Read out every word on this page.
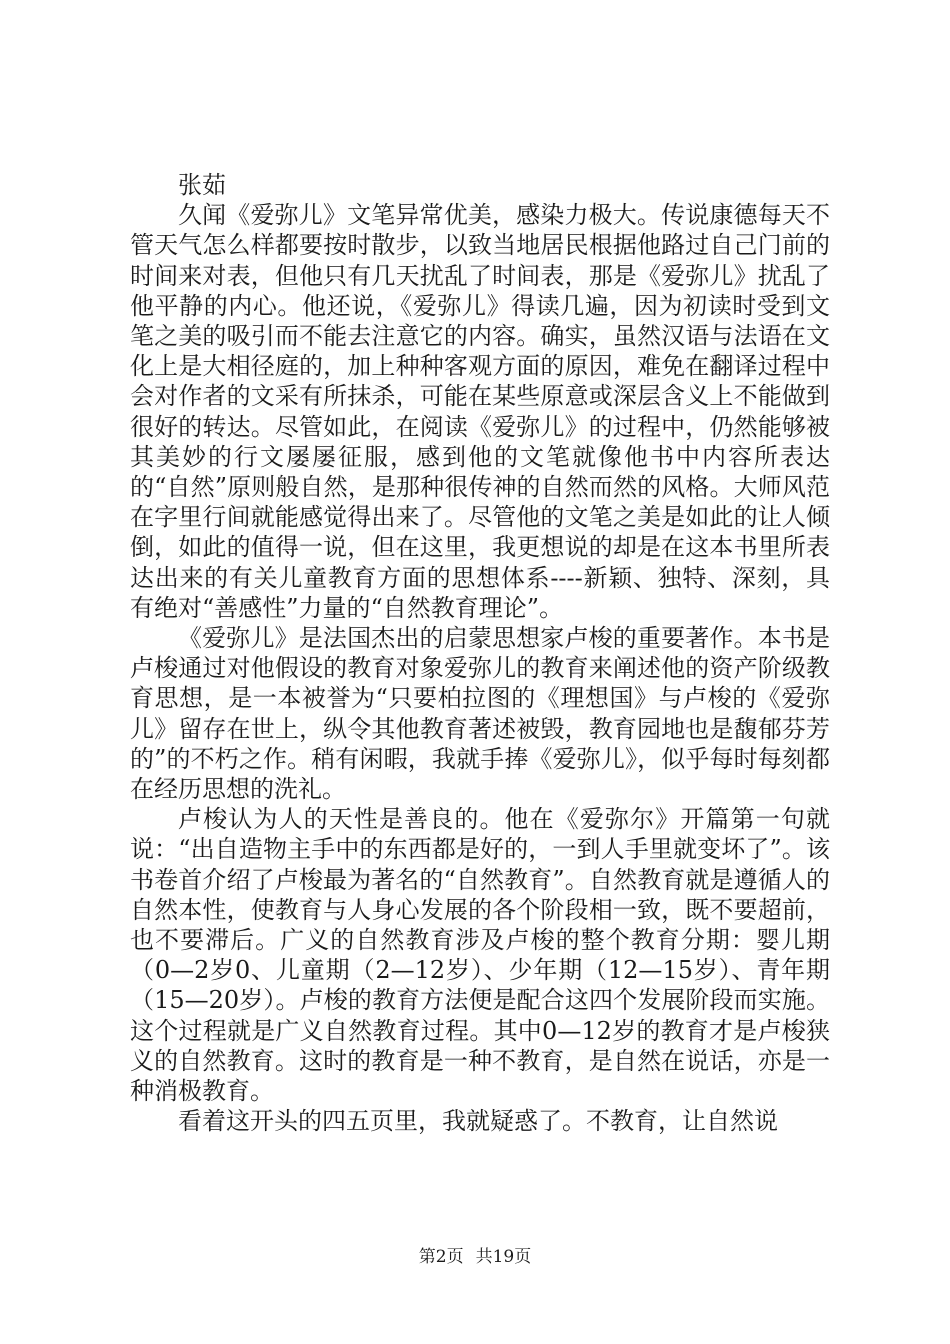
张茹

久闻《爱弥儿》文笔异常优美，感染力极大。传说康德每天不管天气怎么样都要按时散步，以致当地居民根据他路过自己门前的时间来对表，但他只有几天扰乱了时间表，那是《爱弥儿》扰乱了他平静的内心。他还说，《爱弥儿》得读几遍，因为初读时受到文笔之美的吸引而不能去注意它的内容。确实，虽然汉语与法语在文化上是大相径庭的，加上种种客观方面的原因，难免在翻译过程中会对作者的文采有所抹杀，可能在某些原意或深层含义上不能做到很好的转达。尽管如此，在阅读《爱弥儿》的过程中，仍然能够被其美妙的行文屡屡征服，感到他的文笔就像他书中内容所表达的“自然”原则般自然，是那种很传神的自然而然的风格。大师风范在字里行间就能感觉得出来了。尽管他的文笔之美是如此的让人倾倒，如此的值得一说，但在这里，我更想说的却是在这本书里所表达出来的有关儿童教育方面的思想体系----新颖、独特、深刻，具有绝对“善感性”力量的“自然教育理论”。

《爱弥儿》是法国杰出的启蒙思想家卢梭的重要著作。本书是卢梭通过对他假设的教育对象爱弥儿的教育来阐述他的资产阶级教育思想，是一本被誉为“只要柏拉图的《理想国》与卢梭的《爱弥儿》留存在世上，纵令其他教育著述被毁，教育园地也是馥郁芬芳的”的不朽之作。稍有闲暇，我就手捧《爱弥儿》，似乎每时每刻都在经历思想的洗礼。

卢梭认为人的天性是善良的。他在《爱弥尔》开篇第一句就说：“出自造物主手中的东西都是好的，一到人手里就变坏了”。该书卷首介绍了卢梭最为著名的“自然教育”。自然教育就是遵循人的自然本性，使教育与人身心发展的各个阶段相一致，既不要超前，也不要滞后。广义的自然教育涉及卢梭的整个教育分期：婴儿期（0—2岁0、儿童期（2—12岁）、少年期（12—15岁）、青年期（15—20岁）。卢梭的教育方法便是配合这四个发展阶段而实施。这个过程就是广义自然教育过程。其中0—12岁的教育才是卢梭狭义的自然教育。这时的教育是一种不教育，是自然在说话，亦是一种消极教育。

看着这开头的四五页里，我就疑惑了。不教育，让自然说

第2页 共19页
